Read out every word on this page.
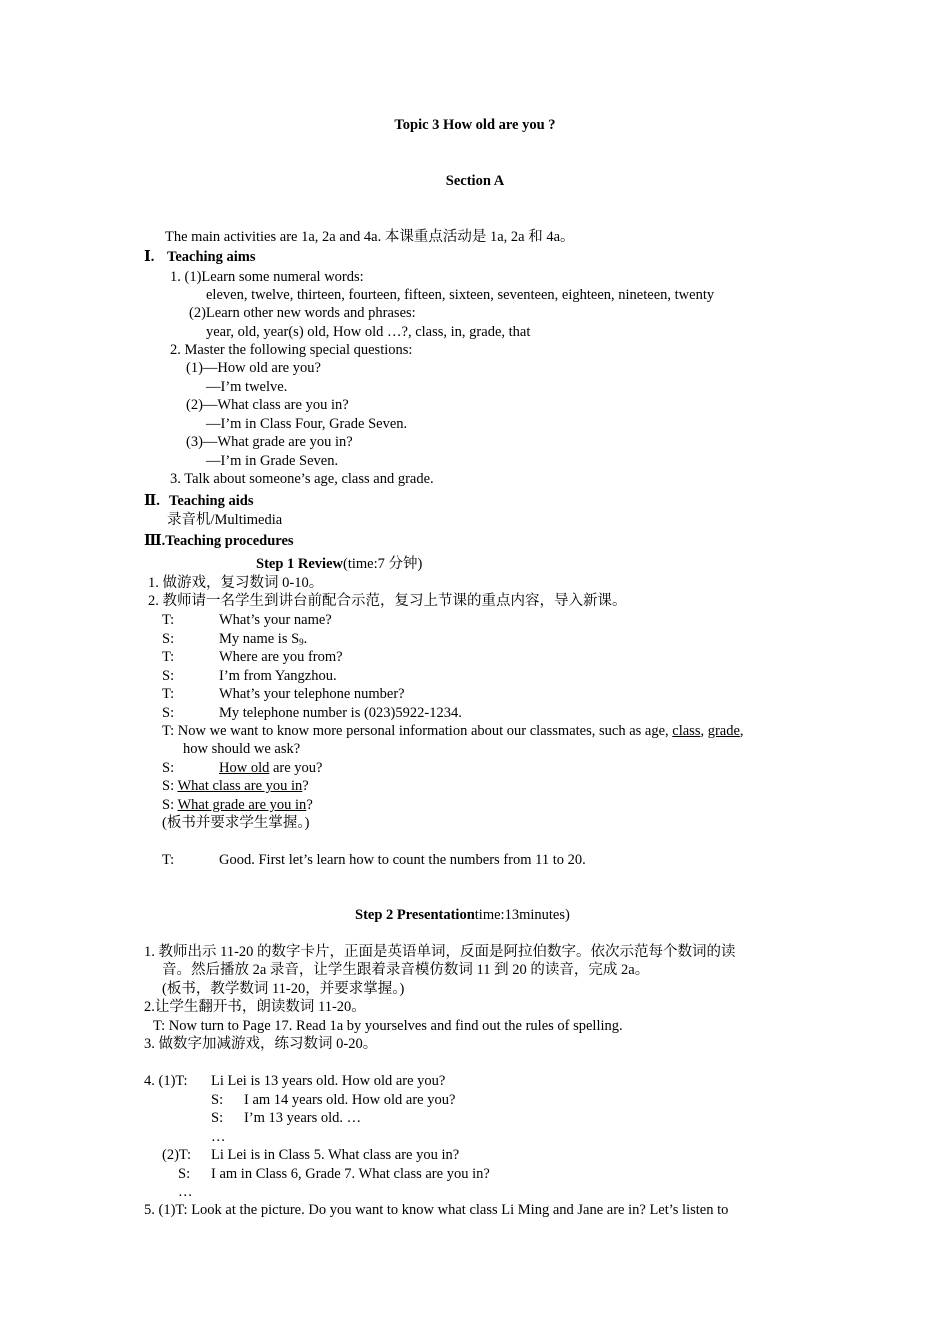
Topic 3 How old are you ?
Section A
The main activities are 1a, 2a and 4a. 本课重点活动是 1a, 2a 和 4a。
Ⅰ. Teaching aims
1. (1)Learn some numeral words:
eleven, twelve, thirteen, fourteen, fifteen, sixteen, seventeen, eighteen, nineteen, twenty
(2)Learn other new words and phrases:
year, old, year(s) old, How old …?, class, in, grade, that
2. Master the following special questions:
(1)—How old are you?
—I’m twelve.
(2)—What class are you in?
—I’m in Class Four, Grade Seven.
(3)—What grade are you in?
—I’m in Grade Seven.
3. Talk about someone’s age, class and grade.
Ⅱ. Teaching aids
录音机/Multimedia
Ⅲ.Teaching procedures
Step 1 Review(time:7 分钟)
1. 做游戏，复习数词 0-10。
2. 教师请一名学生到讲台前配合示范，复习上节课的重点内容，导入新课。
T:	What’s your name?
S:	My name is $S_9$.
T:	Where are you from?
S:	I’m from Yangzhou.
T:	What’s your telephone number?
S:	My telephone number is (023)5922-1234.
T: Now we want to know more personal information about our classmates, such as age, class, grade,
how should we ask?
S:	How old are you?
S: What class are you in?
S: What grade are you in?
(板书并要求学生掌握。)
T:	Good. First let’s learn how to count the numbers from 11 to 20.
Step 2 Presentationtime:13minutes)
1. 教师出示 11-20 的数字卡片，正面是英语单词，反面是阿拉伯数字。依次示范每个数词的读
音。然后播放 2a 录音，让学生跟着录音模仿数词 11 到 20 的读音，完成 2a。
(板书，教学数词 11-20，并要求掌握。)
2.让学生翻开书，朗读数词 11-20。
T: Now turn to Page 17. Read 1a by yourselves and find out the rules of spelling.
3. 做数字加减游戏，练习数词 0-20。
4. (1)T: Li Lei is 13 years old. How old are you?
S: I am 14 years old. How old are you?
S: I’m 13 years old. …
…
(2)T: Li Lei is in Class 5. What class are you in?
S: I am in Class 6, Grade 7. What class are you in?
…
5. (1)T: Look at the picture. Do you want to know what class Li Ming and Jane are in? Let’s listen to
